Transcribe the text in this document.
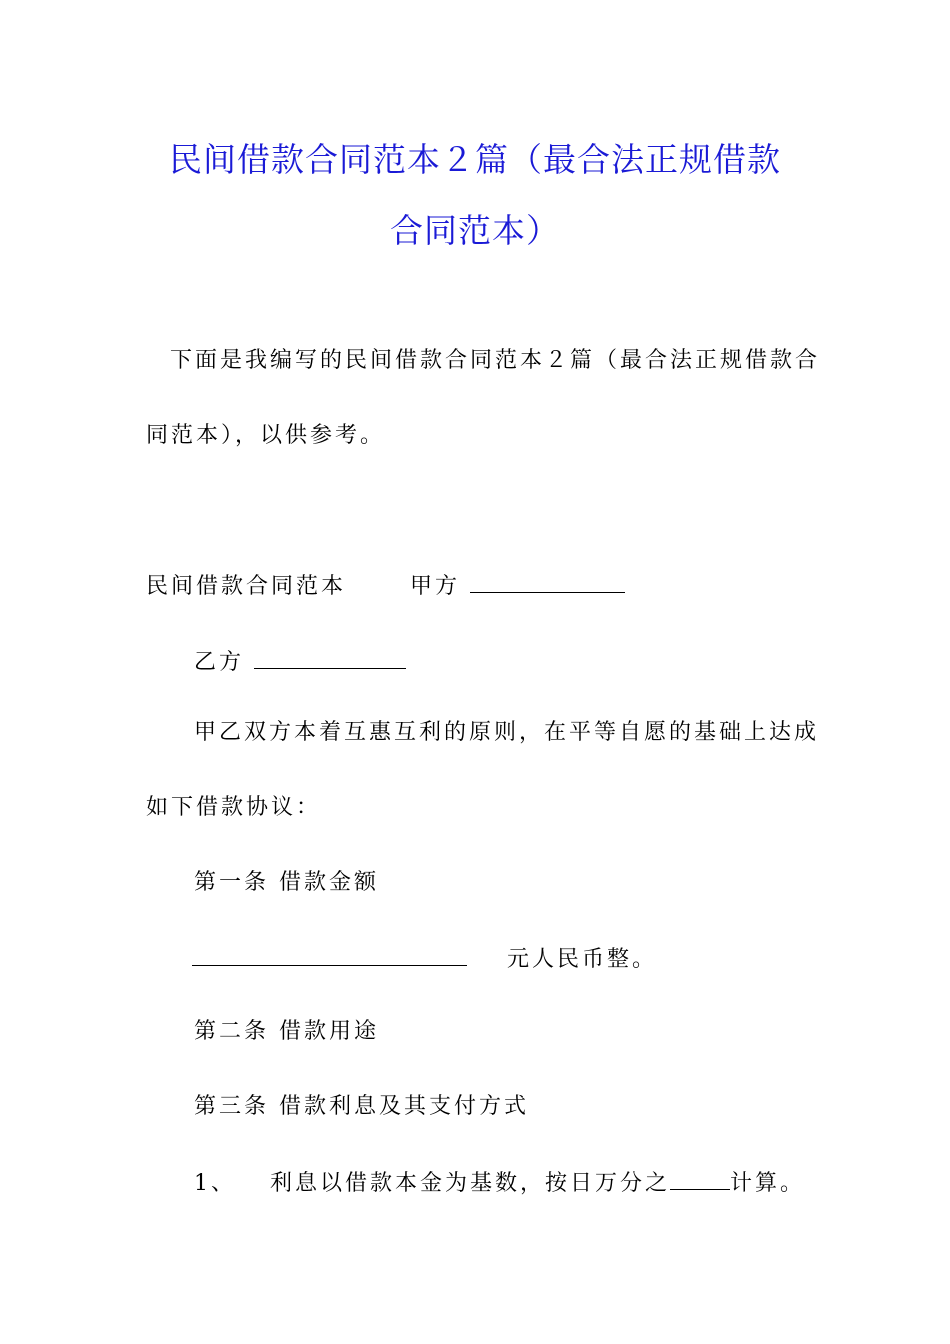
民间借款合同范本２篇（最合法正规借款
合同范本）
下面是我编写的民间借款合同范本２篇（最合法正规借款合
同范本），以供参考。
民间借款合同范本	甲方
乙方
甲乙双方本着互惠互利的原则，在平等自愿的基础上达成
如下借款协议：
第一条 借款金额
元人民币整。
第二条 借款用途
第三条 借款利息及其支付方式
1、 利息以借款本金为基数，按日万分之	计算。
